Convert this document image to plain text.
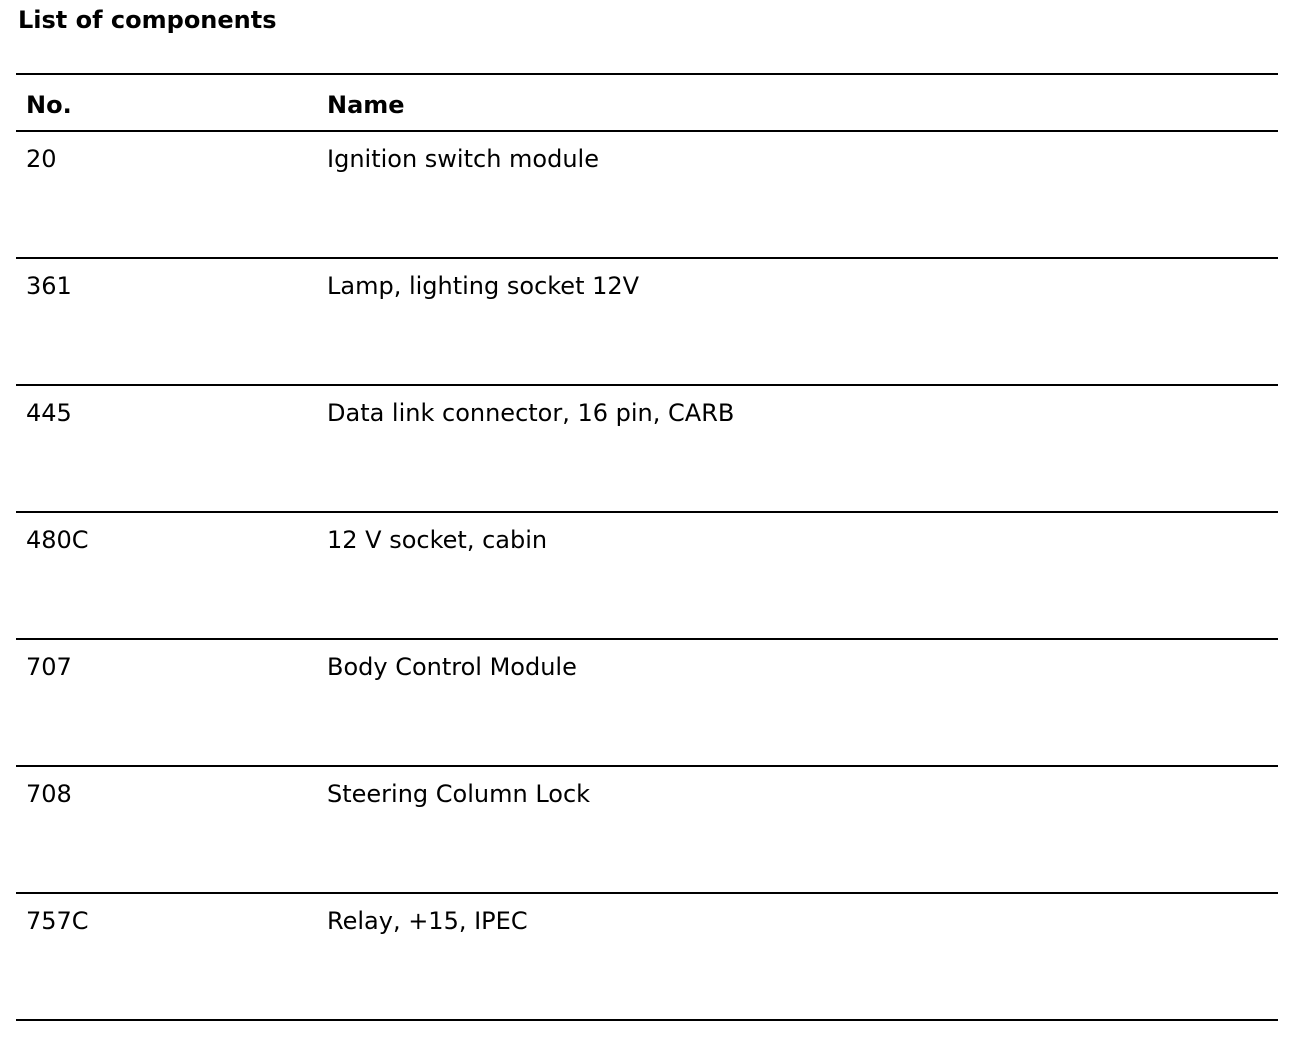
List of components
No.	Name
20	Ignition switch module
361	Lamp, lighting socket 12V
445	Data link connector, 16 pin, CARB
480C	12 V socket, cabin
707	Body Control Module
708	Steering Column Lock
757C	Relay, +15, IPEC
